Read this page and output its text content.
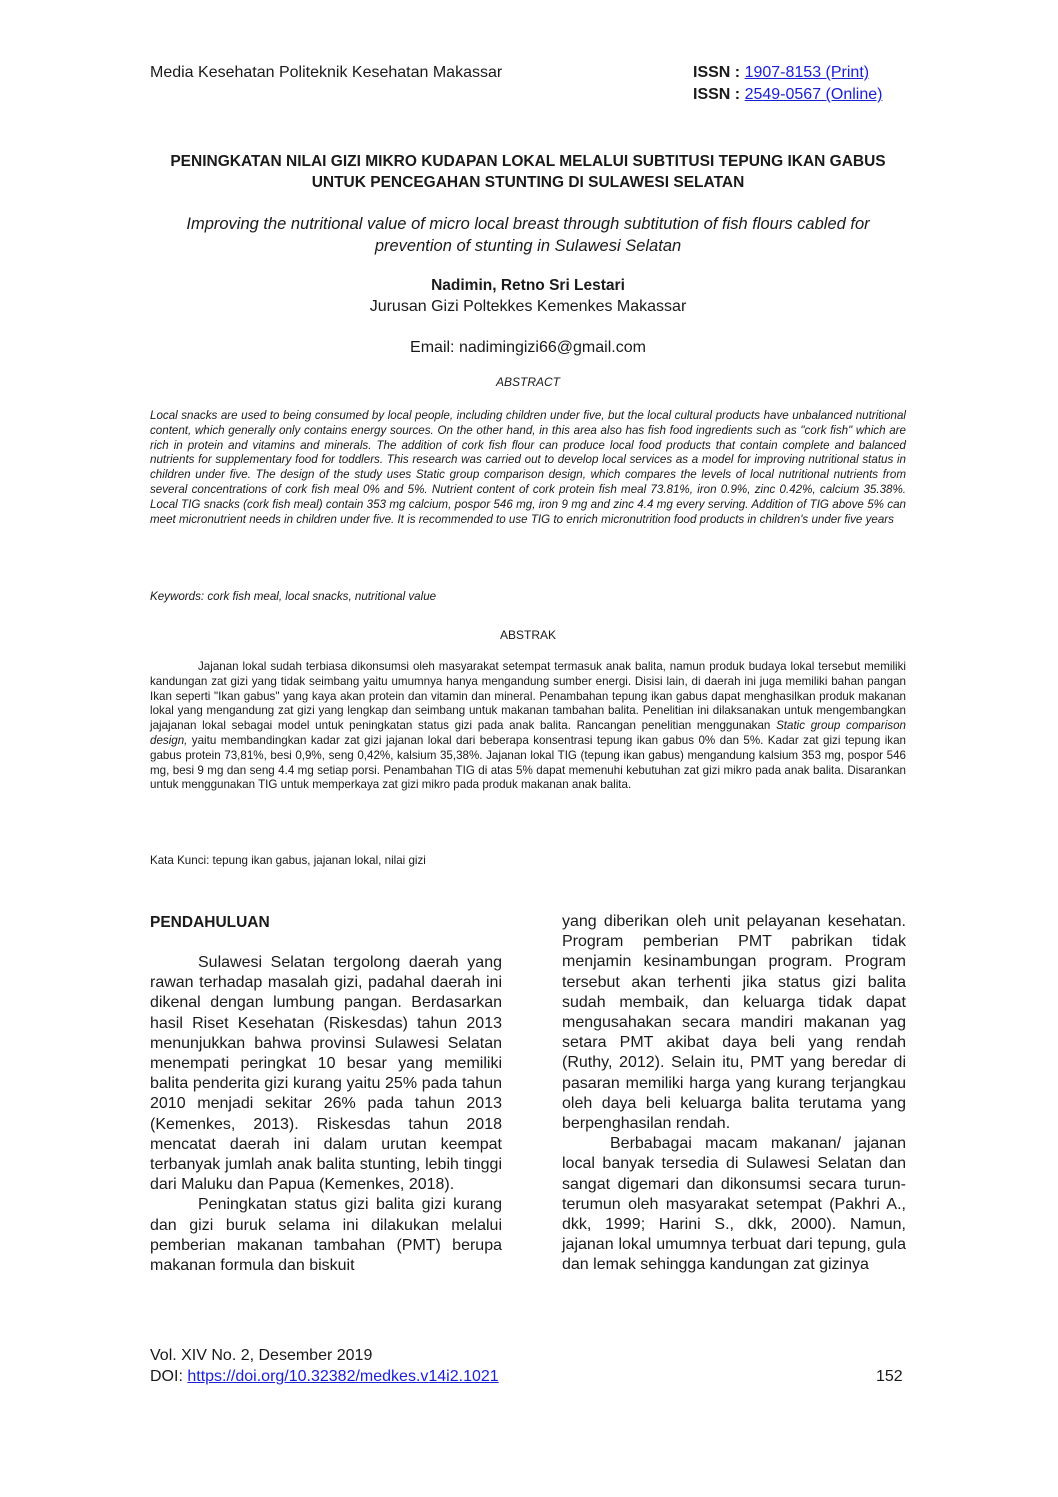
Media Kesehatan Politeknik Kesehatan Makassar	ISSN : 1907-8153 (Print)
ISSN : 2549-0567 (Online)
PENINGKATAN NILAI GIZI MIKRO KUDAPAN LOKAL MELALUI SUBTITUSI TEPUNG IKAN GABUS UNTUK PENCEGAHAN STUNTING DI SULAWESI SELATAN
Improving the nutritional value of micro local breast through subtitution of fish flours cabled for prevention of stunting in Sulawesi Selatan
Nadimin, Retno Sri Lestari
Jurusan Gizi Poltekkes Kemenkes Makassar
Email: nadimingizi66@gmail.com
ABSTRACT
Local snacks are used to being consumed by local people, including children under five, but the local cultural products have unbalanced nutritional content, which generally only contains energy sources. On the other hand, in this area also has fish food ingredients such as "cork fish" which are rich in protein and vitamins and minerals. The addition of cork fish flour can produce local food products that contain complete and balanced nutrients for supplementary food for toddlers. This research was carried out to develop local services as a model for improving nutritional status in children under five. The design of the study uses Static group comparison design, which compares the levels of local nutritional nutrients from several concentrations of cork fish meal 0% and 5%. Nutrient content of cork protein fish meal 73.81%, iron 0.9%, zinc 0.42%, calcium 35.38%. Local TIG snacks (cork fish meal) contain 353 mg calcium, pospor 546 mg, iron 9 mg and zinc 4.4 mg every serving. Addition of TIG above 5% can meet micronutrient needs in children under five. It is recommended to use TIG to enrich micronutrition food products in children's under five years
Keywords: cork fish meal, local snacks, nutritional value
ABSTRAK

Jajanan lokal sudah terbiasa dikonsumsi oleh masyarakat setempat termasuk anak balita, namun produk budaya lokal tersebut memiliki kandungan zat gizi yang tidak seimbang yaitu umumnya hanya mengandung sumber energi. Disisi lain, di daerah ini juga memiliki bahan pangan Ikan seperti "Ikan gabus" yang kaya akan protein dan vitamin dan mineral. Penambahan tepung ikan gabus dapat menghasilkan produk makanan lokal yang mengandung zat gizi yang lengkap dan seimbang untuk makanan tambahan balita. Penelitian ini dilaksanakan untuk mengembangkan jajajanan lokal sebagai model untuk peningkatan status gizi pada anak balita. Rancangan penelitian menggunakan Static group comparison design, yaitu membandingkan kadar zat gizi jajanan lokal dari beberapa konsentrasi tepung ikan gabus 0% dan 5%. Kadar zat gizi tepung ikan gabus protein 73,81%, besi 0,9%, seng 0,42%, kalsium 35,38%. Jajanan lokal TIG (tepung ikan gabus) mengandung kalsium 353 mg, pospor 546 mg, besi 9 mg dan seng 4.4 mg setiap porsi. Penambahan TIG di atas 5% dapat memenuhi kebutuhan zat gizi mikro pada anak balita. Disarankan untuk menggunakan TIG untuk memperkaya zat gizi mikro pada produk makanan anak balita.

Kata Kunci: tepung ikan gabus, jajanan lokal, nilai gizi
PENDAHULUAN

Sulawesi Selatan tergolong daerah yang rawan terhadap masalah gizi, padahal daerah ini dikenal dengan lumbung pangan. Berdasarkan hasil Riset Kesehatan (Riskesdas) tahun 2013 menunjukkan bahwa provinsi Sulawesi Selatan menempati peringkat 10 besar yang memiliki balita penderita gizi kurang yaitu 25% pada tahun 2010 menjadi sekitar 26% pada tahun 2013 (Kemenkes, 2013). Riskesdas tahun 2018 mencatat daerah ini dalam urutan keempat terbanyak jumlah anak balita stunting, lebih tinggi dari Maluku dan Papua (Kemenkes, 2018).

Peningkatan status gizi balita gizi kurang dan gizi buruk selama ini dilakukan melalui pemberian makanan tambahan (PMT) berupa makanan formula dan biskuit

yang diberikan oleh unit pelayanan kesehatan. Program pemberian PMT pabrikan tidak menjamin kesinambungan program. Program tersebut akan terhenti jika status gizi balita sudah membaik, dan keluarga tidak dapat mengusahakan secara mandiri makanan yag setara PMT akibat daya beli yang rendah (Ruthy, 2012). Selain itu, PMT yang beredar di pasaran memiliki harga yang kurang terjangkau oleh daya beli keluarga balita terutama yang berpenghasilan rendah.

Berbabagai macam makanan/ jajanan local banyak tersedia di Sulawesi Selatan dan sangat digemari dan dikonsumsi secara turun-terumun oleh masyarakat setempat (Pakhri A., dkk, 1999; Harini S., dkk, 2000). Namun, jajanan lokal umumnya terbuat dari tepung, gula dan lemak sehingga kandungan zat gizinya

Vol. XIV No. 2, Desember 2019
DOI: https://doi.org/10.32382/medkes.v14i2.1021	152
